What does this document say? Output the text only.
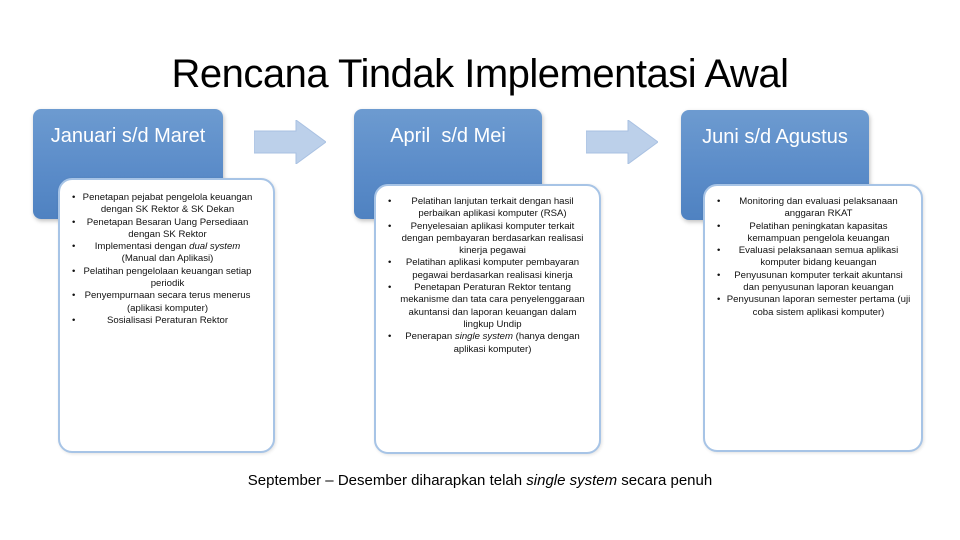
Rencana Tindak Implementasi Awal
Januari s/d Maret
• Penetapan pejabat pengelola keuangan dengan SK Rektor & SK Dekan
• Penetapan Besaran Uang Persediaan dengan SK Rektor
• Implementasi dengan dual system (Manual dan Aplikasi)
• Pelatihan pengelolaan keuangan setiap periodik
• Penyempurnaan secara terus menerus (aplikasi komputer)
• Sosialisasi Peraturan Rektor
April  s/d Mei
• Pelatihan lanjutan terkait dengan hasil perbaikan aplikasi komputer (RSA)
• Penyelesaian aplikasi komputer terkait dengan pembayaran berdasarkan realisasi kinerja pegawai
• Pelatihan aplikasi komputer pembayaran pegawai berdasarkan realisasi kinerja
• Penetapan Peraturan Rektor tentang mekanisme dan tata cara penyelenggaraan akuntansi dan laporan keuangan dalam lingkup Undip
• Penerapan single system (hanya dengan aplikasi komputer)
Juni s/d Agustus
• Monitoring dan evaluasi pelaksanaan anggaran RKAT
• Pelatihan peningkatan kapasitas kemampuan pengelola keuangan
• Evaluasi pelaksanaan semua aplikasi komputer bidang keuangan
• Penyusunan komputer terkait akuntansi dan penyusunan laporan keuangan
• Penyusunan laporan semester pertama (uji coba sistem aplikasi komputer)
September – Desember diharapkan telah single system secara penuh
